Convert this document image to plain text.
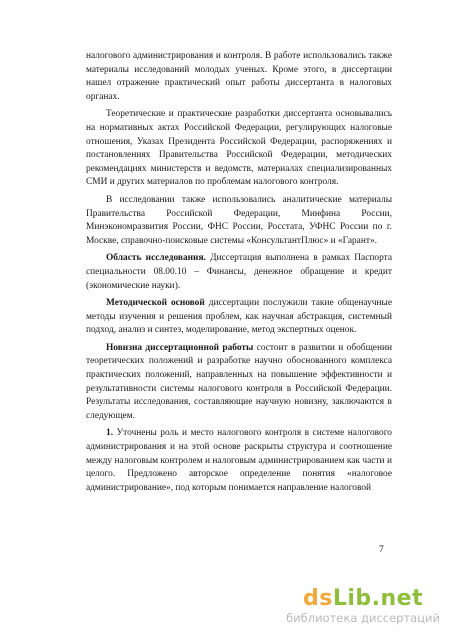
налогового администрирования и контроля. В работе использовались также материалы исследований молодых ученых. Кроме этого, в диссертации нашел отражение практический опыт работы диссертанта в налоговых органах.

Теоретические и практические разработки диссертанта основывались на нормативных актах Российской Федерации, регулирующих налоговые отношения, Указах Президента Российской Федерации, распоряжениях и постановлениях Правительства Российской Федерации, методических рекомендациях министерств и ведомств, материалах специализированных СМИ и других материалов по проблемам налогового контроля.

В исследовании также использовались аналитические материалы Правительства Российской Федерации, Минфина России, Минэкономразвития России, ФНС России, Росстата, УФНС России по г. Москве, справочно-поисковые системы «КонсультантПлюс» и «Гарант».

Область исследования. Диссертация выполнена в рамках Паспорта специальности 08.00.10 – Финансы, денежное обращение и кредит (экономические науки).

Методической основой диссертации послужили такие общенаучные методы изучения и решения проблем, как научная абстракция, системный подход, анализ и синтез, моделирование, метод экспертных оценок.

Новизна диссертационной работы состоит в развитии и обобщении теоретических положений и разработке научно обоснованного комплекса практических положений, направленных на повышение эффективности и результативности системы налогового контроля в Российской Федерации. Результаты исследования, составляющие научную новизну, заключаются в следующем.

1. Уточнены роль и место налогового контроля в системе налогового администрирования и на этой основе раскрыты структура и соотношение между налоговым контролем и налоговым администрированием как части и целого. Предложено авторское определение понятия «налоговое администрирование», под которым понимается направление налоговой

7
dsLib.net
библиотека диссертаций
